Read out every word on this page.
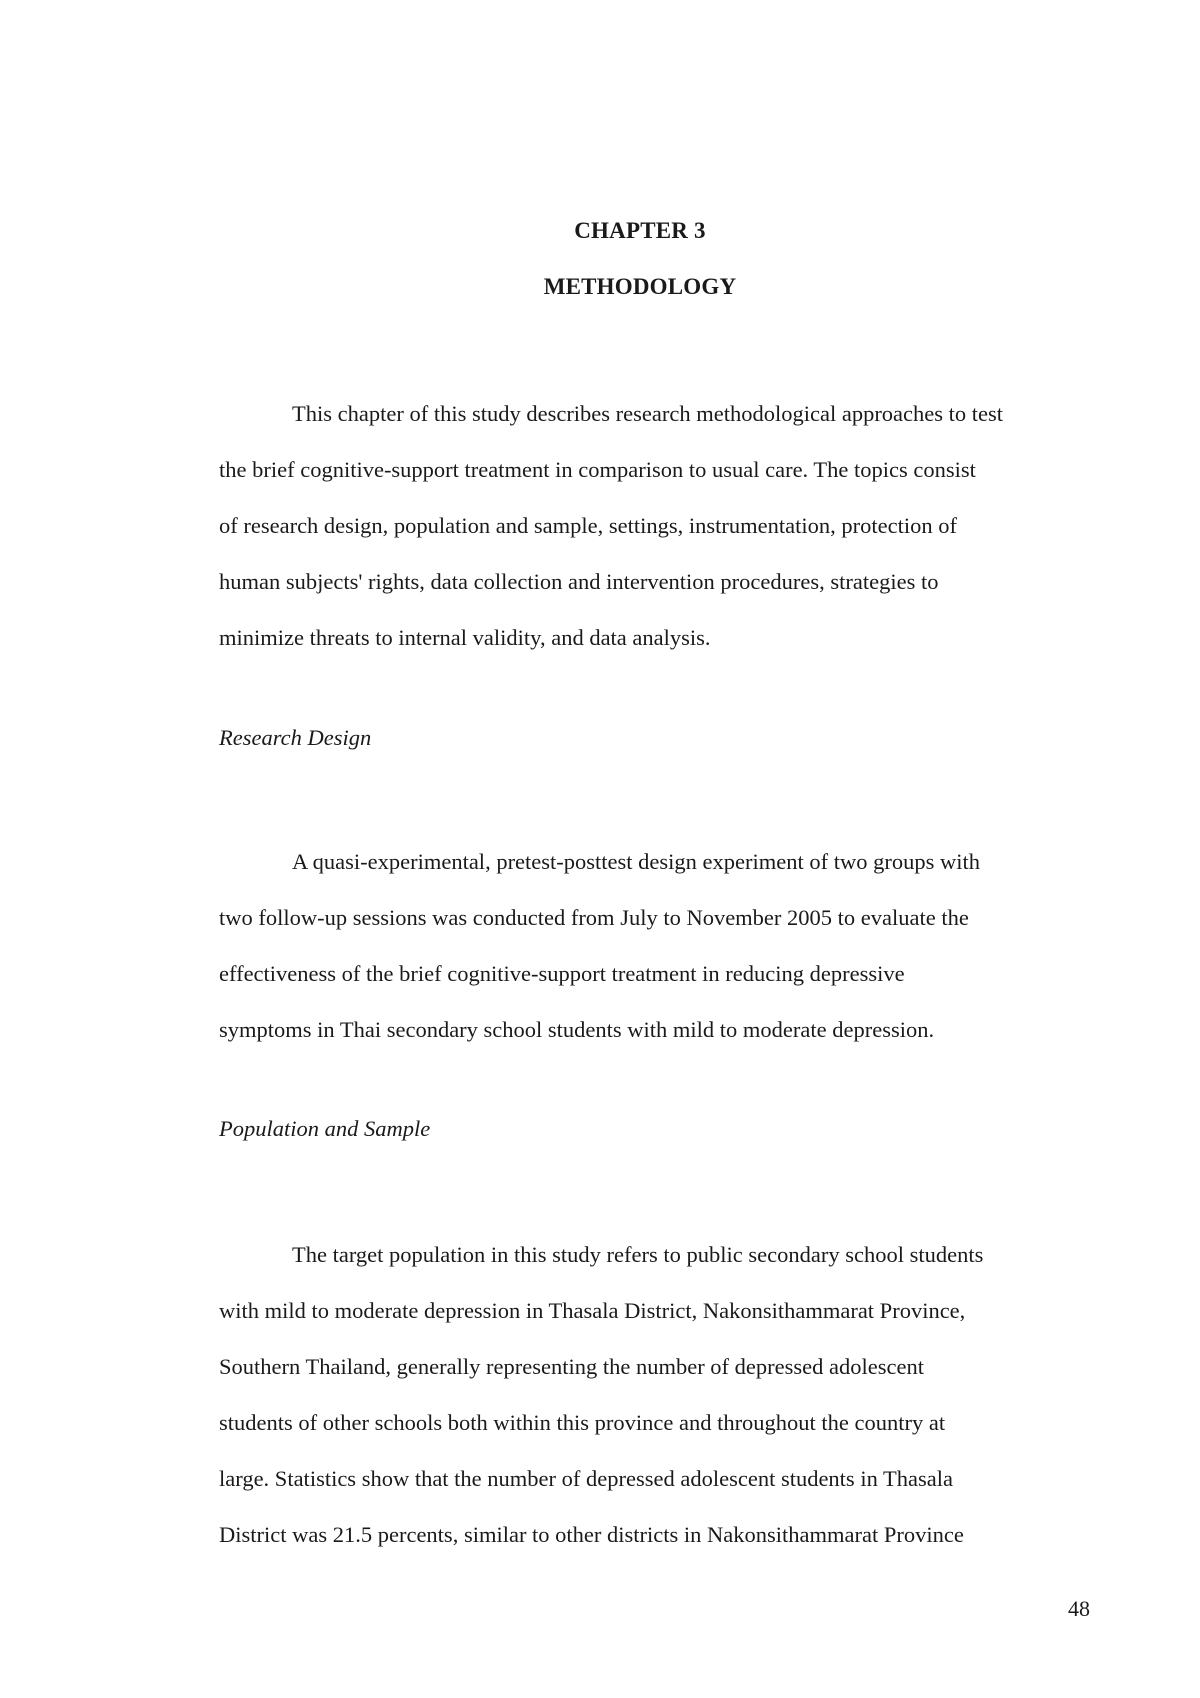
CHAPTER 3
METHODOLOGY

This chapter of this study describes research methodological approaches to test
the brief cognitive-support treatment in comparison to usual care. The topics consist
of research design, population and sample, settings, instrumentation, protection of
human subjects' rights, data collection and intervention procedures, strategies to
minimize threats to internal validity, and data analysis.

Research Design

A quasi-experimental, pretest-posttest design experiment of two groups with
two follow-up sessions was conducted from July to November 2005 to evaluate the
effectiveness of the brief cognitive-support treatment in reducing depressive
symptoms in Thai secondary school students with mild to moderate depression.

Population and Sample

The target population in this study refers to public secondary school students
with mild to moderate depression in Thasala District, Nakonsithammarat Province,
Southern Thailand, generally representing the number of depressed adolescent
students of other schools both within this province and throughout the country at
large. Statistics show that the number of depressed adolescent students in Thasala
District was 21.5 percents, similar to other districts in Nakonsithammarat Province

48
